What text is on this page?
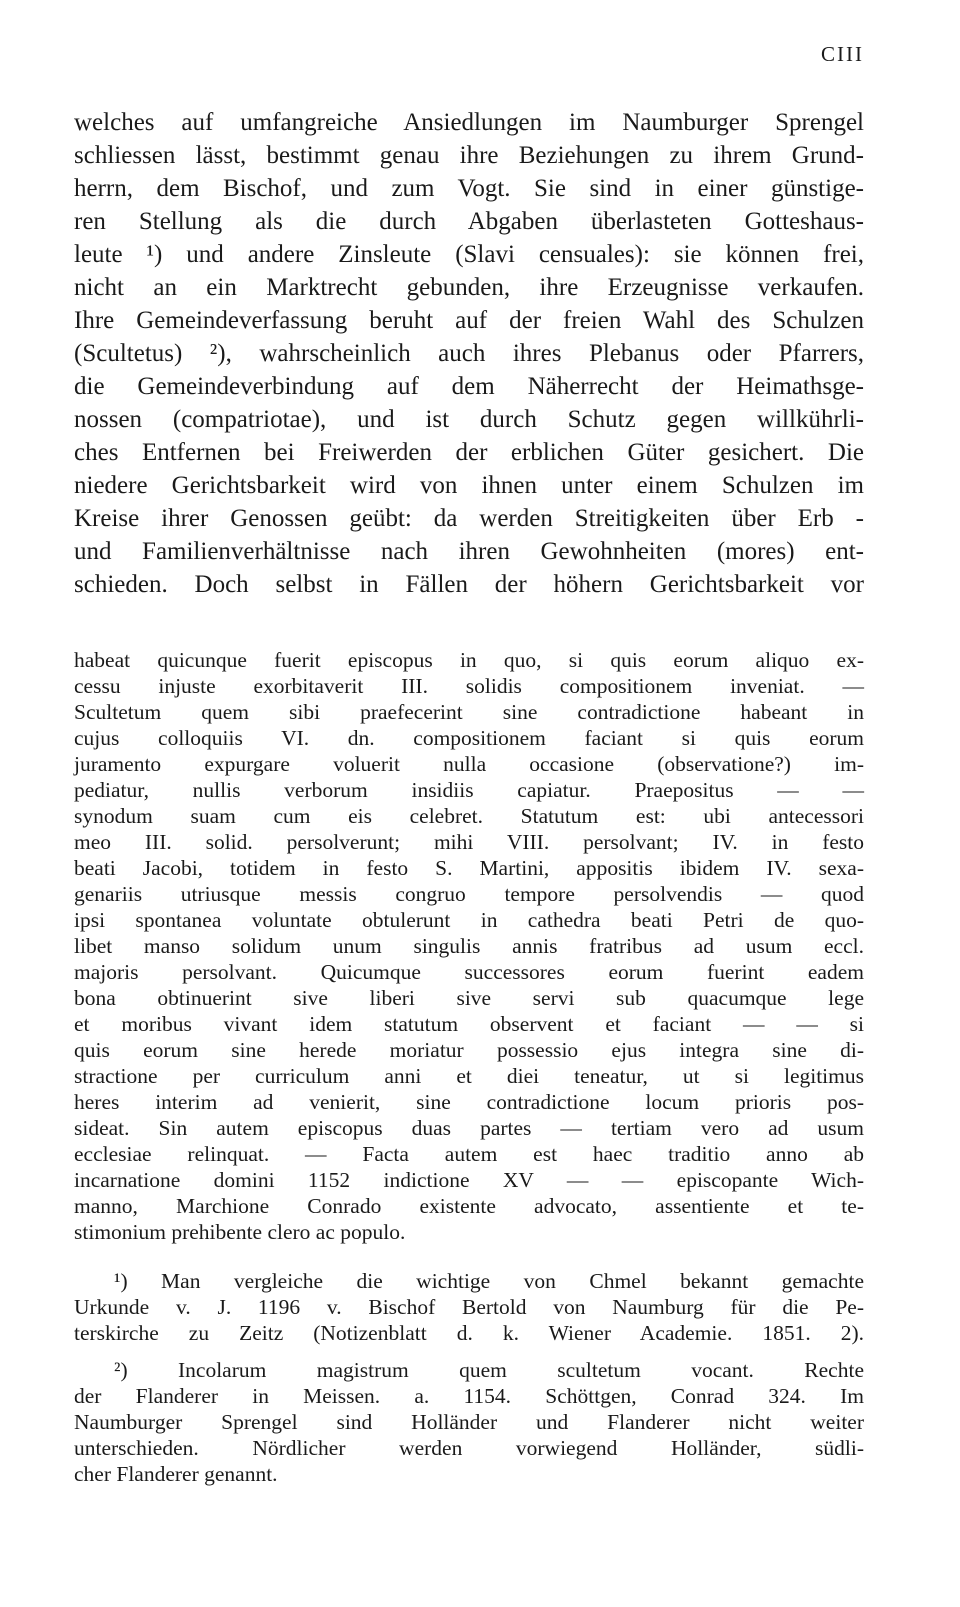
CIII

welches auf umfangreiche Ansiedlungen im Naumburger Sprengel

schliessen lässt, bestimmt genau ihre Beziehungen zu ihrem Grund-

herrn, dem Bischof, und zum Vogt. Sie sind in einer günstige-

ren Stellung als die durch Abgaben überlasteten Gotteshaus-

leute ¹) und andere Zinsleute (Slavi censuales): sie können frei,

nicht an ein Marktrecht gebunden, ihre Erzeugnisse verkaufen.

Ihre Gemeindeverfassung beruht auf der freien Wahl des Schulzen

(Scultetus) ²), wahrscheinlich auch ihres Plebanus oder Pfarrers,

die Gemeindeverbindung auf dem Näherrecht der Heimathsge-

nossen (compatriotae), und ist durch Schutz gegen willkührli-

ches Entfernen bei Freiwerden der erblichen Güter gesichert. Die

niedere Gerichtsbarkeit wird von ihnen unter einem Schulzen im

Kreise ihrer Genossen geübt: da werden Streitigkeiten über Erb -

und Familienverhältnisse nach ihren Gewohnheiten (mores) ent-

schieden. Doch selbst in Fällen der höhern Gerichtsbarkeit vor

habeat quicunque fuerit episcopus in quo, si quis eorum aliquo ex-

cessu injuste exorbitaverit III. solidis compositionem inveniat. —

Scultetum quem sibi praefecerint sine contradictione habeant in

cujus colloquiis VI. dn. compositionem faciant si quis eorum

juramento expurgare voluerit nulla occasione (observatione?) im-

pediatur, nullis verborum insidiis capiatur. Praepositus — —

synodum suam cum eis celebret. Statutum est: ubi antecessori

meo III. solid. persolverunt; mihi VIII. persolvant; IV. in festo

beati Jacobi, totidem in festo S. Martini, appositis ibidem IV. sexa-

genariis utriusque messis congruo tempore persolvendis — quod

ipsi spontanea voluntate obtulerunt in cathedra beati Petri de quo-

libet manso solidum unum singulis annis fratribus ad usum eccl.

majoris persolvant. Quicumque successores eorum fuerint eadem

bona obtinuerint sive liberi sive servi sub quacumque lege

et moribus vivant idem statutum observent et faciant — — si

quis eorum sine herede moriatur possessio ejus integra sine di-

stractione per curriculum anni et diei teneatur, ut si legitimus

heres interim ad venierit, sine contradictione locum prioris pos-

sideat. Sin autem episcopus duas partes — tertiam vero ad usum

ecclesiae relinquat. — Facta autem est haec traditio anno ab

incarnatione domini 1152 indictione XV — — episcopante Wich-

manno, Marchione Conrado existente advocato, assentiente et te-

stimonium prehibente clero ac populo.

¹) Man vergleiche die wichtige von Chmel bekannt gemachte

Urkunde v. J. 1196 v. Bischof Bertold von Naumburg für die Pe-

terskirche zu Zeitz (Notizenblatt d. k. Wiener Academie. 1851. 2).

²) Incolarum magistrum quem scultetum vocant. Rechte

der Flanderer in Meissen. a. 1154. Schöttgen, Conrad 324. Im

Naumburger Sprengel sind Holländer und Flanderer nicht weiter

unterschieden. Nördlicher werden vorwiegend Holländer, südli-

cher Flanderer genannt.
